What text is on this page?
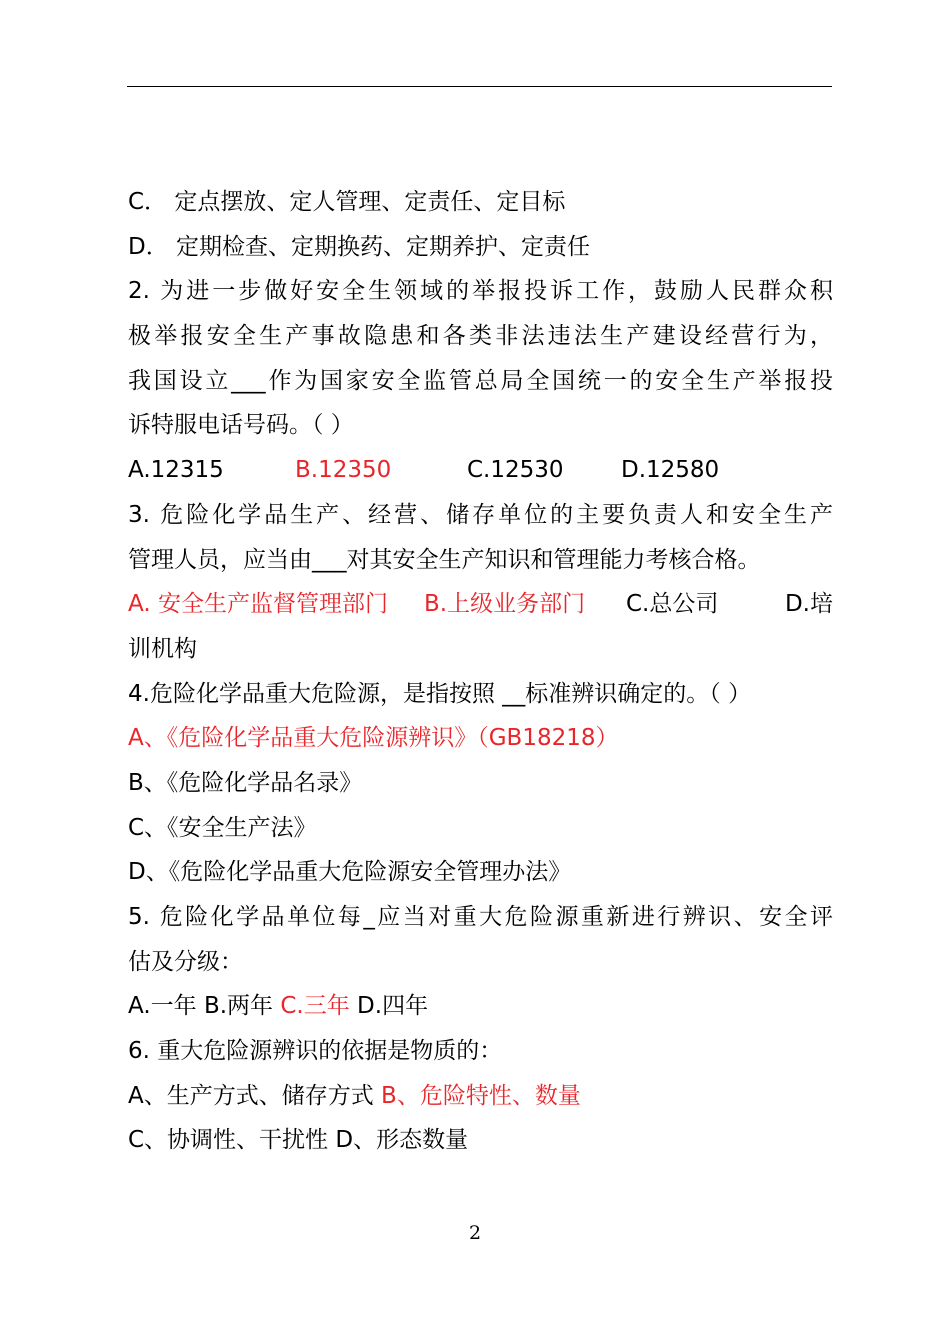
C． 定点摆放、定人管理、定责任、定目标
D． 定期检查、定期换药、定期养护、定责任
2. 为进一步做好安全生领域的举报投诉工作，鼓励人民群众积
极举报安全生产事故隐患和各类非法违法生产建设经营行为，
我国设立___作为国家安全监管总局全国统一的安全生产举报投
诉特服电话号码。（ ）
A.12315	B.12350	C.12530 D.12580
3. 危险化学品生产、经营、储存单位的主要负责人和安全生产
管理人员，应当由___对其安全生产知识和管理能力考核合格。
A. 安全生产监督管理部门 B.上级业务部门 C.总公司	D.培
训机构
4.危险化学品重大危险源，是指按照 __标准辨识确定的。（ ）
A、《危险化学品重大危险源辨识》（GB18218）
B、《危险化学品名录》
C、《安全生产法》
D、《危险化学品重大危险源安全管理办法》
5. 危险化学品单位每_应当对重大危险源重新进行辨识、安全评
估及分级：
A.一年 B.两年 C.三年 D.四年
6. 重大危险源辨识的依据是物质的：
A、生产方式、储存方式 B、危险特性、数量
C、协调性、干扰性 D、形态数量
2
